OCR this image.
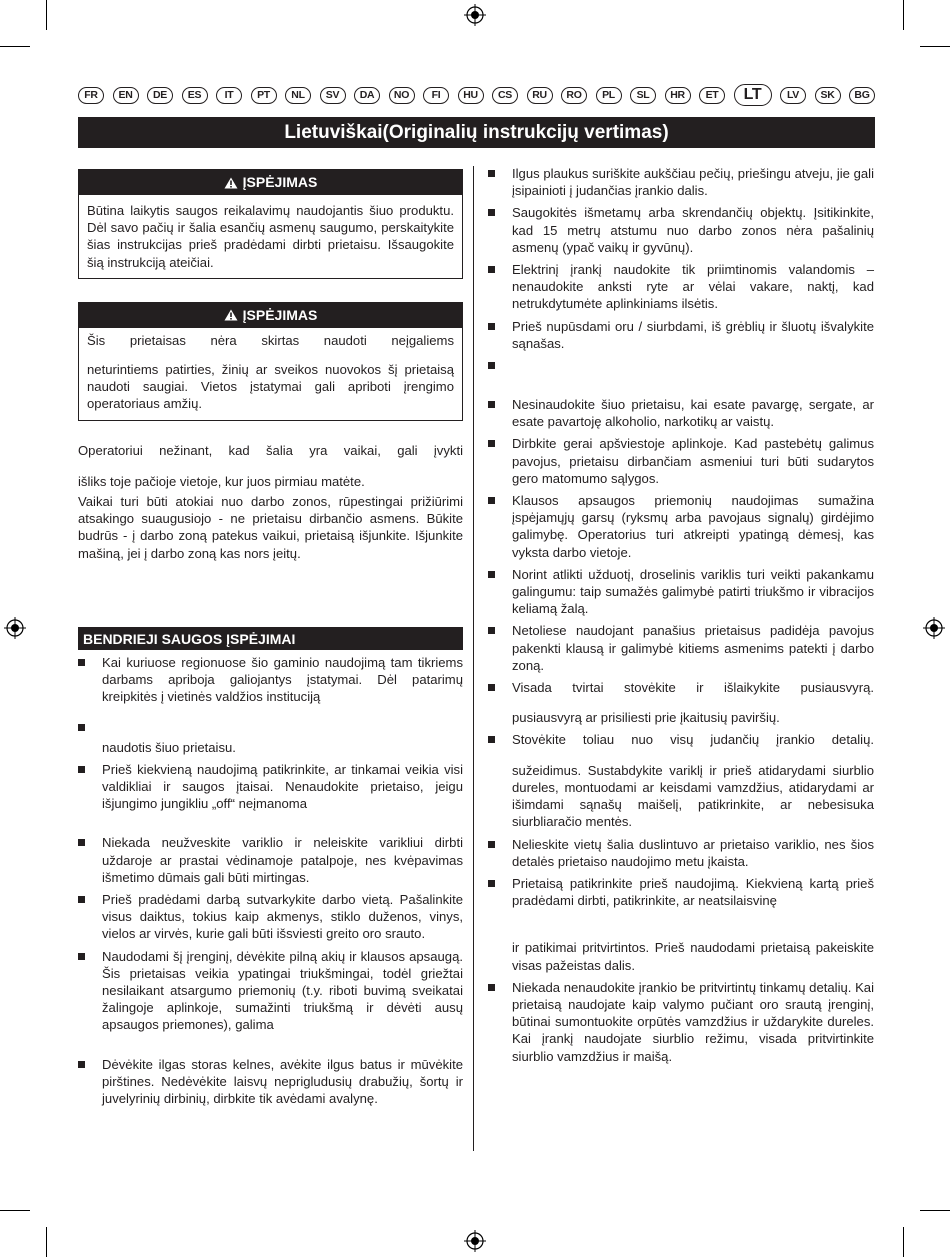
FR	EN	DE	ES	IT	PT	NL	SV	DA	NO	FI	HU	CS	RU	RO	PL	SL	HR	ET	LT	LV	SK	BG
Lietuviškai(Originalių instrukcijų vertimas)
ĮSPĖJIMAS
Būtina laikytis saugos reikalavimų naudojantis šiuo produktu. Dėl savo pačių ir šalia esančių asmenų saugumo, perskaitykite šias instrukcijas prieš pradėdami dirbti prietaisu. Išsaugokite šią instrukciją ateičiai.
ĮSPĖJIMAS

Šis prietaisas nėra skirtas naudoti neįgaliems

neturintiems patirties, žinių ar sveikos nuovokos šį prietaisą naudoti saugiai. Vietos įstatymai gali apriboti įrengimo operatoriaus amžių.

Operatoriui nežinant, kad šalia yra vaikai, gali įvykti

išliks toje pačioje vietoje, kur juos pirmiau matėte.

Vaikai turi būti atokiai nuo darbo zonos, rūpestingai prižiūrimi atsakingo suaugusiojo - ne prietaisu dirbančio asmens. Būkite budrūs - į darbo zoną patekus vaikui, prietaisą išjunkite. Išjunkite mašiną, jei į darbo zoną kas nors įeitų.

BENDRIEJI SAUGOS ĮSPĖJIMAI
Kai kuriuose regionuose šio gaminio naudojimą tam tikriems darbams apriboja galiojantys įstatymai. Dėl patarimų kreipkitės į vietinės valdžios instituciją
naudotis šiuo prietaisu.
Prieš kiekvieną naudojimą patikrinkite, ar tinkamai veikia visi valdikliai ir saugos įtaisai. Nenaudokite prietaiso, jeigu išjungimo jungikliu „off“ neįmanoma
Niekada neužveskite variklio ir neleiskite varikliui dirbti uždaroje ar prastai vėdinamoje patalpoje, nes kvėpavimas išmetimo dūmais gali būti mirtingas.
Prieš pradėdami darbą sutvarkykite darbo vietą. Pašalinkite visus daiktus, tokius kaip akmenys, stiklo duženos, vinys, vielos ar virvės, kurie gali būti išsviesti greito oro srauto.
Naudodami šį įrenginį, dėvėkite pilną akių ir klausos apsaugą. Šis prietaisas veikia ypatingai triukšmingai, todėl griežtai nesilaikant atsargumo priemonių (t.y. riboti buvimą sveikatai žalingoje aplinkoje, sumažinti triukšmą ir dėvėti ausų apsaugos priemones), galima
Dėvėkite ilgas storas kelnes, avėkite ilgus batus ir mūvėkite pirštines. Nedėvėkite laisvų neprigludusių drabužių, šortų ir juvelyrinių dirbinių, dirbkite tik avėdami avalynę.
Ilgus plaukus suriškite aukščiau pečių, priešingu atveju, jie gali įsipainioti į judančias įrankio dalis.
Saugokitės išmetamų arba skrendančių objektų. Įsitikinkite, kad 15 metrų atstumu nuo darbo zonos nėra pašalinių asmenų (ypač vaikų ir gyvūnų).
Elektrinį įrankį naudokite tik priimtinomis valandomis – nenaudokite anksti ryte ar vėlai vakare, naktį, kad netrukdytumėte aplinkiniams ilsėtis.
Prieš nupūsdami oru / siurbdami, iš grėblių ir šluotų išvalykite sąnašas.
Nesinaudokite šiuo prietaisu, kai esate pavargę, sergate, ar esate pavartoję alkoholio, narkotikų ar vaistų.
Dirbkite gerai apšviestoje aplinkoje. Kad pastebėtų galimus pavojus, prietaisu dirbančiam asmeniui turi būti sudarytos gero matomumo sąlygos.
Klausos apsaugos priemonių naudojimas sumažina įspėjamųjų garsų (ryksmų arba pavojaus signalų) girdėjimo galimybę. Operatorius turi atkreipti ypatingą dėmesį, kas vyksta darbo vietoje.
Norint atlikti užduotį, droselinis variklis turi veikti pakankamu galingumu: taip sumažės galimybė patirti triukšmo ir vibracijos keliamą žalą.
Netoliese naudojant panašius prietaisus padidėja pavojus pakenkti klausą ir galimybė kitiems asmenims patekti į darbo zoną.
Visada tvirtai stovėkite ir išlaikykite pusiausvyrą.
pusiausvyrą ar prisiliesti prie įkaitusių paviršių.
Stovėkite toliau nuo visų judančių įrankio detalių.
sužeidimus. Sustabdykite variklį ir prieš atidarydami siurblio dureles, montuodami ar keisdami vamzdžius, atidarydami ar išimdami sąnašų maišelį, patikrinkite, ar nebesisuka siurbliaračio mentės.
Nelieskite vietų šalia duslintuvo ar prietaiso variklio, nes šios detalės prietaiso naudojimo metu įkaista.
Prietaisą patikrinkite prieš naudojimą. Kiekvieną kartą prieš pradėdami dirbti, patikrinkite, ar neatsilaisvinę
ir patikimai pritvirtintos. Prieš naudodami prietaisą pakeiskite visas pažeistas dalis.
Niekada nenaudokite įrankio be pritvirtintų tinkamų detalių. Kai prietaisą naudojate kaip valymo pučiant oro srautą įrenginį, būtinai sumontuokite orpūtės vamzdžius ir uždarykite dureles. Kai įrankį naudojate siurblio režimu, visada pritvirtinkite siurblio vamzdžius ir maišą.
